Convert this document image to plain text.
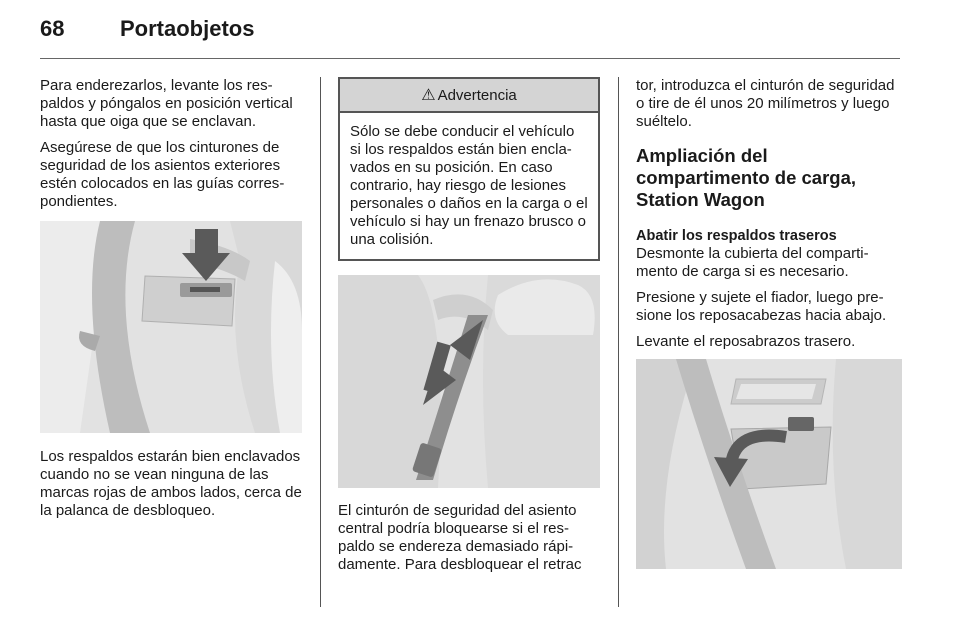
68	Portaobjetos

Para enderezarlos, levante los respaldos y póngalos en posición vertical hasta que oiga que se enclavan.

Asegúrese de que los cinturones de seguridad de los asientos exteriores estén colocados en las guías correspondientes.

Los respaldos estarán bien enclavados cuando no se vean ninguna de las marcas rojas de ambos lados, cerca de la palanca de desbloqueo.

⚠ Advertencia
Sólo se debe conducir el vehículo si los respaldos están bien enclavados en su posición. En caso contrario, hay riesgo de lesiones personales o daños en la carga o el vehículo si hay un frenazo brusco o una colisión.

El cinturón de seguridad del asiento central podría bloquearse si el respaldo se endereza demasiado rápidamente. Para desbloquear el retrac

tor, introduzca el cinturón de seguridad o tire de él unos 20 milímetros y luego suéltelo.

Ampliación del compartimento de carga, Station Wagon
Abatir los respaldos traseros

Desmonte la cubierta del compartimento de carga si es necesario.

Presione y sujete el fiador, luego presione los reposacabezas hacia abajo.

Levante el reposabrazos trasero.
